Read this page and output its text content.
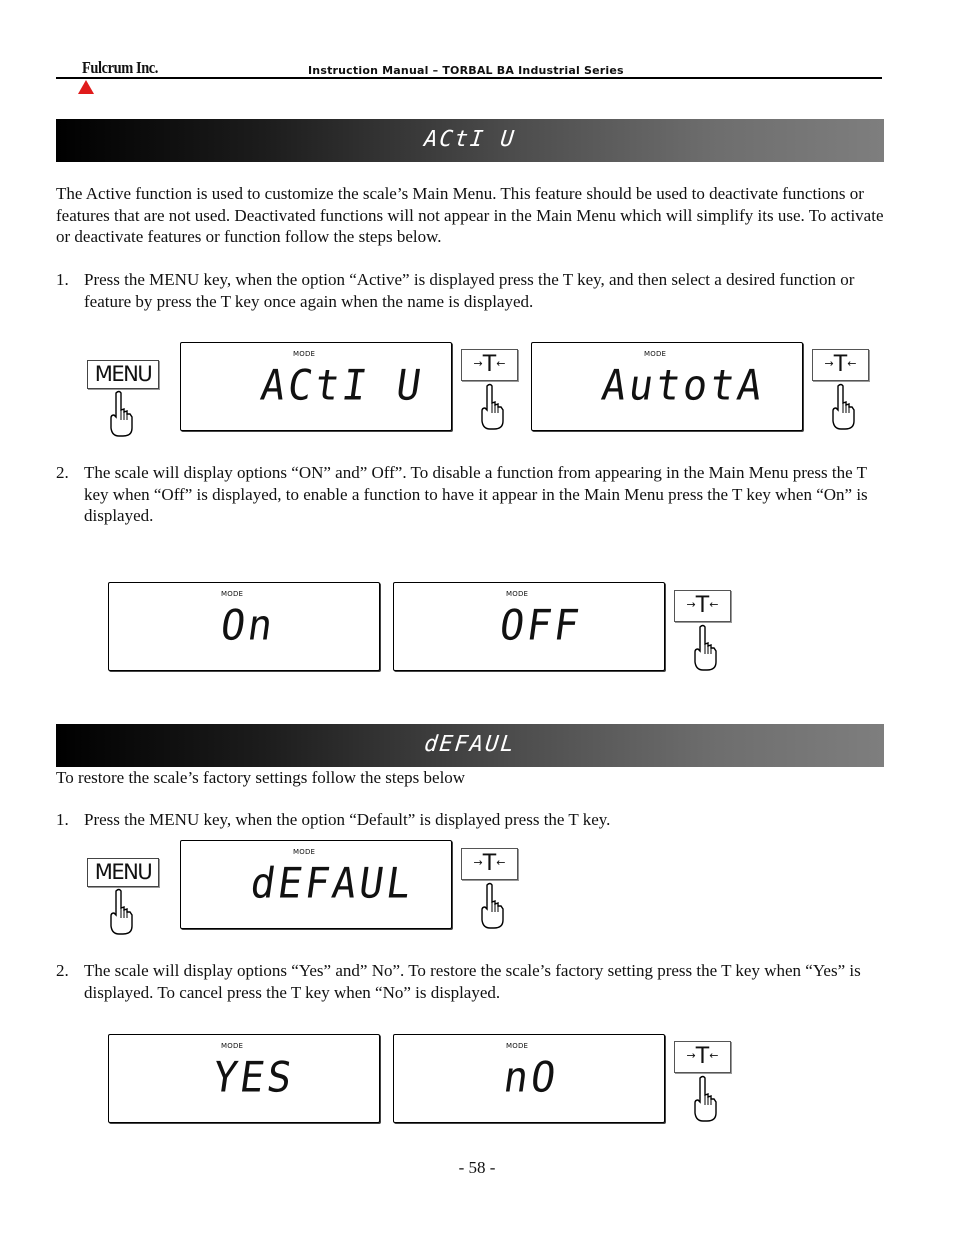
Fulcrum Inc.	Instruction Manual – TORBAL BA Industrial Series
ACtI U
The Active function is used to customize the scale’s Main Menu. This feature should be used to deactivate functions or features that are not used. Deactivated functions will not appear in the Main Menu which will simplify its use. To activate or deactivate features or function follow the steps below.
1. Press the MENU key, when the option “Active” is displayed press the T key, and then select a desired function or feature by press the T key once again when the name is displayed.
MENU
MODE
ACtI U	→T←
MODE
AutotA	→T←
2. The scale will display options “ON” and” Off”. To disable a function from appearing in the Main Menu press the T key when “Off” is displayed, to enable a function to have it appear in the Main Menu press the T key when “On” is displayed.
MODE
On
MODE
OFF	→T←
dEFAUL
To restore the scale’s factory settings follow the steps below
1. Press the MENU key, when the option “Default” is displayed press the T key.
MENU
MODE
dEFAUL	→T←
2. The scale will display options “Yes” and” No”. To restore the scale’s factory setting press the T key when “Yes” is displayed. To cancel press the T key when “No” is displayed.
MODE
YES
MODE
nO	→T←
- 58 -
